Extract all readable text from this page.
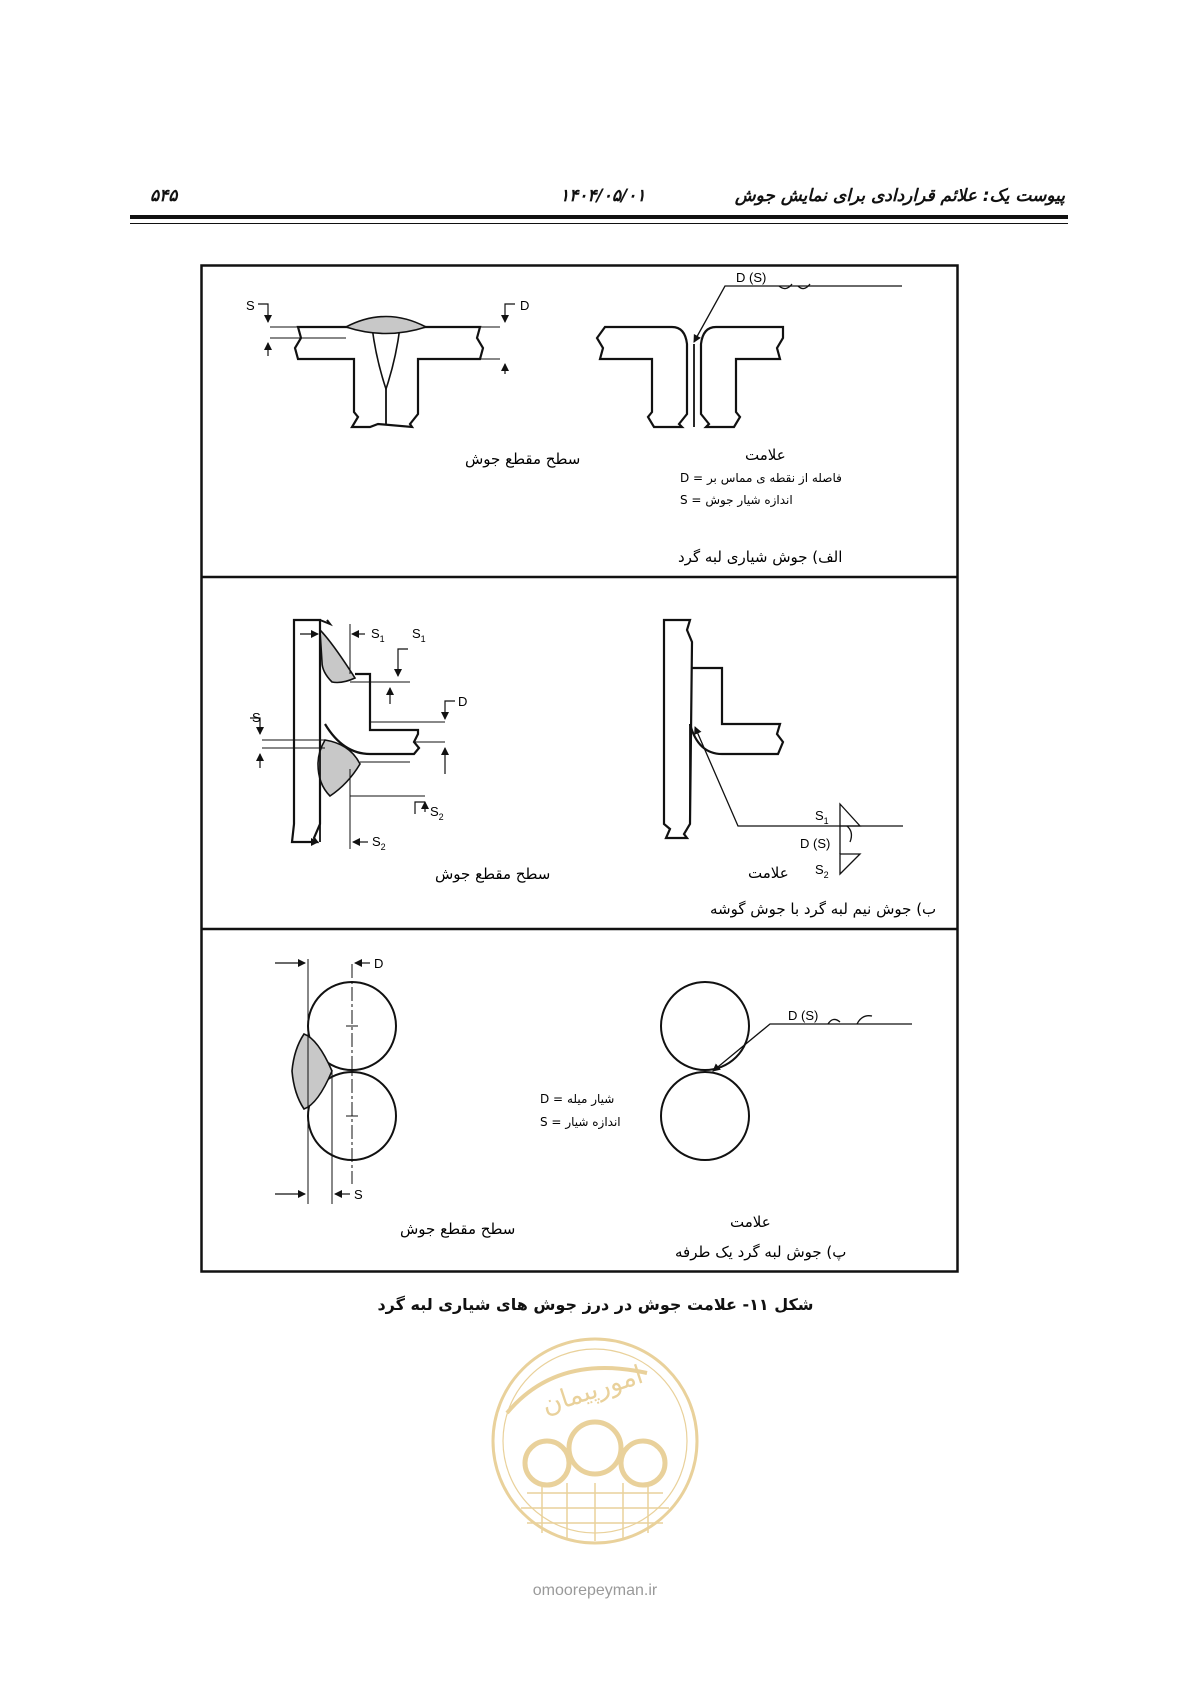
پیوست یک: علائم قراردادی برای نمایش جوش
۱۴۰۴/۰۵/۰۱
۵۴۵
S	D
D (S)
سطح مقطع جوش	علامت
D = فاصله از نقطه ی مماس بر
S = اندازه شیار جوش
الف) جوش شیاری لبه گرد
$S_1$ $S_1$
D
S
$S_2$
$S_2$
$S_1$
D (S)
$S_2$
سطح مقطع جوش	علامت
ب) جوش نیم لبه گرد با جوش گوشه
D
S
D (S)
D = شیار میله
S = اندازه شیار
سطح مقطع جوش	علامت
پ) جوش لبه گرد یک طرفه
شکل ۱۱- علامت جوش در درز جوش های شیاری لبه گرد
امورپیمان
omoorepeyman.ir
